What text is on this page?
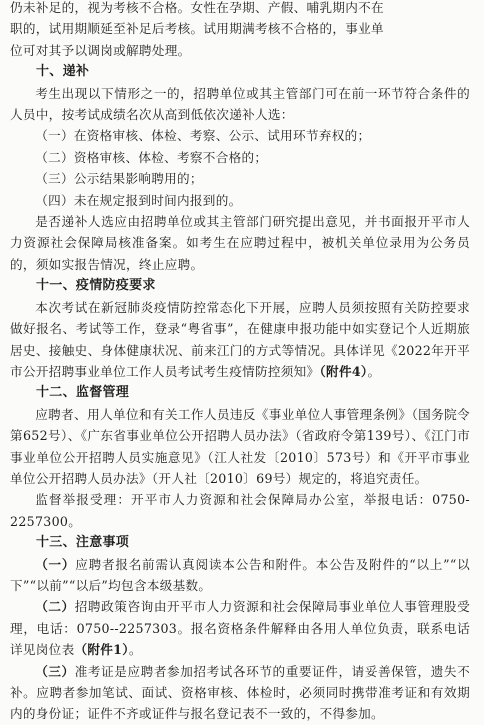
仍未补足的，视为考核不合格。女性在孕期、产假、哺乳期内不在

职的，试用期顺延至补足后考核。试用期满考核不合格的，事业单

位可对其予以调岗或解聘处理。

十、递补

考生出现以下情形之一的，招聘单位或其主管部门可在前一环节符合条件的人员中，按考试成绩名次从高到低依次递补人选：

（一）在资格审核、体检、考察、公示、试用环节弃权的；

（二）资格审核、体检、考察不合格的；

（三）公示结果影响聘用的；

（四）未在规定报到时间内报到的。

是否递补人选应由招聘单位或其主管部门研究提出意见，并书面报开平市人力资源社会保障局核准备案。如考生在应聘过程中，被机关单位录用为公务员的，须如实报告情况，终止应聘。

十一、疫情防疫要求

本次考试在新冠肺炎疫情防控常态化下开展，应聘人员须按照有关防控要求做好报名、考试等工作，登录“粤省事”，在健康申报功能中如实登记个人近期旅居史、接触史、身体健康状况、前来江门的方式等情况。具体详见《2022年开平市公开招聘事业单位工作人员考试考生疫情防控须知》（附件4）。

十二、监督管理

应聘者、用人单位和有关工作人员违反《事业单位人事管理条例》（国务院令第652号）、《广东省事业单位公开招聘人员办法》（省政府令第139号）、《江门市事业单位公开招聘人员实施意见》（江人社发〔2010〕573号）和《开平市事业单位公开招聘人员办法》（开人社〔2010〕69号）规定的，将追究责任。

监督举报受理：开平市人力资源和社会保障局办公室，举报电话：0750-2257300。

十三、注意事项

（一）应聘者报名前需认真阅读本公告和附件。本公告及附件的“以上”“以下”“以前”“以后”均包含本级基数。

（二）招聘政策咨询由开平市人力资源和社会保障局事业单位人事管理股受理，电话：0750--2257303。报名资格条件解释由各用人单位负责，联系电话详见岗位表（附件1）。

（三）准考证是应聘者参加招考试各环节的重要证件，请妥善保管，遗失不补。应聘者参加笔试、面试、资格审核、体检时，必须同时携带准考证和有效期内的身份证；证件不齐或证件与报名登记表不一致的，不得参加。
